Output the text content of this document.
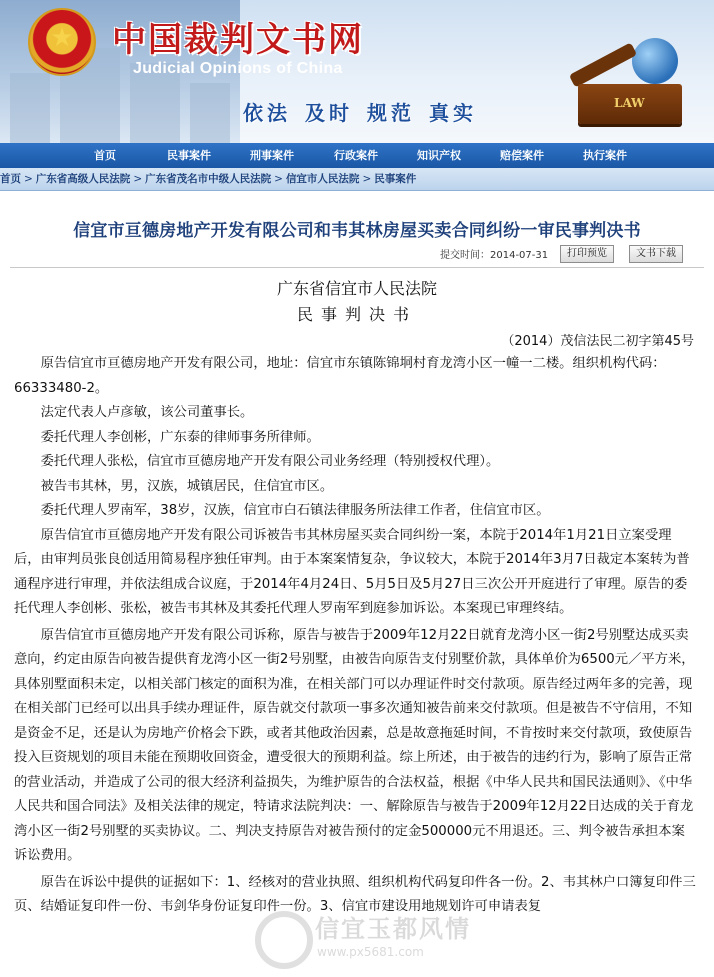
★ 中国裁判文书网
Judicial Opinions of China
依法 及时 规范 真实	LAW
首页	民事案件	刑事案件	行政案件	知识产权	赔偿案件	执行案件
首页 > 广东省高级人民法院 > 广东省茂名市中级人民法院 > 信宜市人民法院 > 民事案件
信宜市亘德房地产开发有限公司和韦其林房屋买卖合同纠纷一审民事判决书
提交时间：2014-07-31	打印预览	文书下载
广东省信宜市人民法院
民事判决书
（2014）茂信法民二初字第45号

原告信宜市亘德房地产开发有限公司，地址：信宜市东镇陈锦垌村育龙湾小区一幢一二楼。组织机构代码：66333480-2。

法定代表人卢彦敏，该公司董事长。

委托代理人李创彬，广东泰的律师事务所律师。

委托代理人张松，信宜市亘德房地产开发有限公司业务经理（特别授权代理）。

被告韦其林，男，汉族，城镇居民，住信宜市区。

委托代理人罗南军，38岁，汉族，信宜市白石镇法律服务所法律工作者，住信宜市区。

原告信宜市亘德房地产开发有限公司诉被告韦其林房屋买卖合同纠纷一案，本院于2014年1月21日立案受理后，由审判员张良创适用简易程序独任审判。由于本案案情复杂，争议较大，本院于2014年3月7日裁定本案转为普通程序进行审理，并依法组成合议庭，于2014年4月24日、5月5日及5月27日三次公开开庭进行了审理。原告的委托代理人李创彬、张松，被告韦其林及其委托代理人罗南军到庭参加诉讼。本案现已审理终结。

原告信宜市亘德房地产开发有限公司诉称，原告与被告于2009年12月22日就育龙湾小区一街2号别墅达成买卖意向，约定由原告向被告提供育龙湾小区一街2号别墅，由被告向原告支付别墅价款，具体单价为6500元／平方米，具体别墅面积未定，以相关部门核定的面积为准，在相关部门可以办理证件时交付款项。原告经过两年多的完善，现在相关部门已经可以出具手续办理证件，原告就交付款项一事多次通知被告前来交付款项。但是被告不守信用，不知是资金不足，还是认为房地产价格会下跌，或者其他政治因素，总是故意拖延时间，不肯按时来交付款项，致使原告投入巨资规划的项目未能在预期收回资金，遭受很大的预期利益。综上所述，由于被告的违约行为，影响了原告正常的营业活动，并造成了公司的很大经济利益损失，为维护原告的合法权益，根据《中华人民共和国民法通则》、《中华人民共和国合同法》及相关法律的规定，特请求法院判决：一、解除原告与被告于2009年12月22日达成的关于育龙湾小区一街2号别墅的买卖协议。二、判决支持原告对被告预付的定金500000元不用退还。三、判令被告承担本案诉讼费用。

原告在诉讼中提供的证据如下：1、经核对的营业执照、组织机构代码复印件各一份。2、韦其林户口簿复印件三页、结婚证复印件一份、韦剑华身份证复印件一份。3、信宜市建设用地规划许可申请表复

信宜玉都风情
www.px5681.com
